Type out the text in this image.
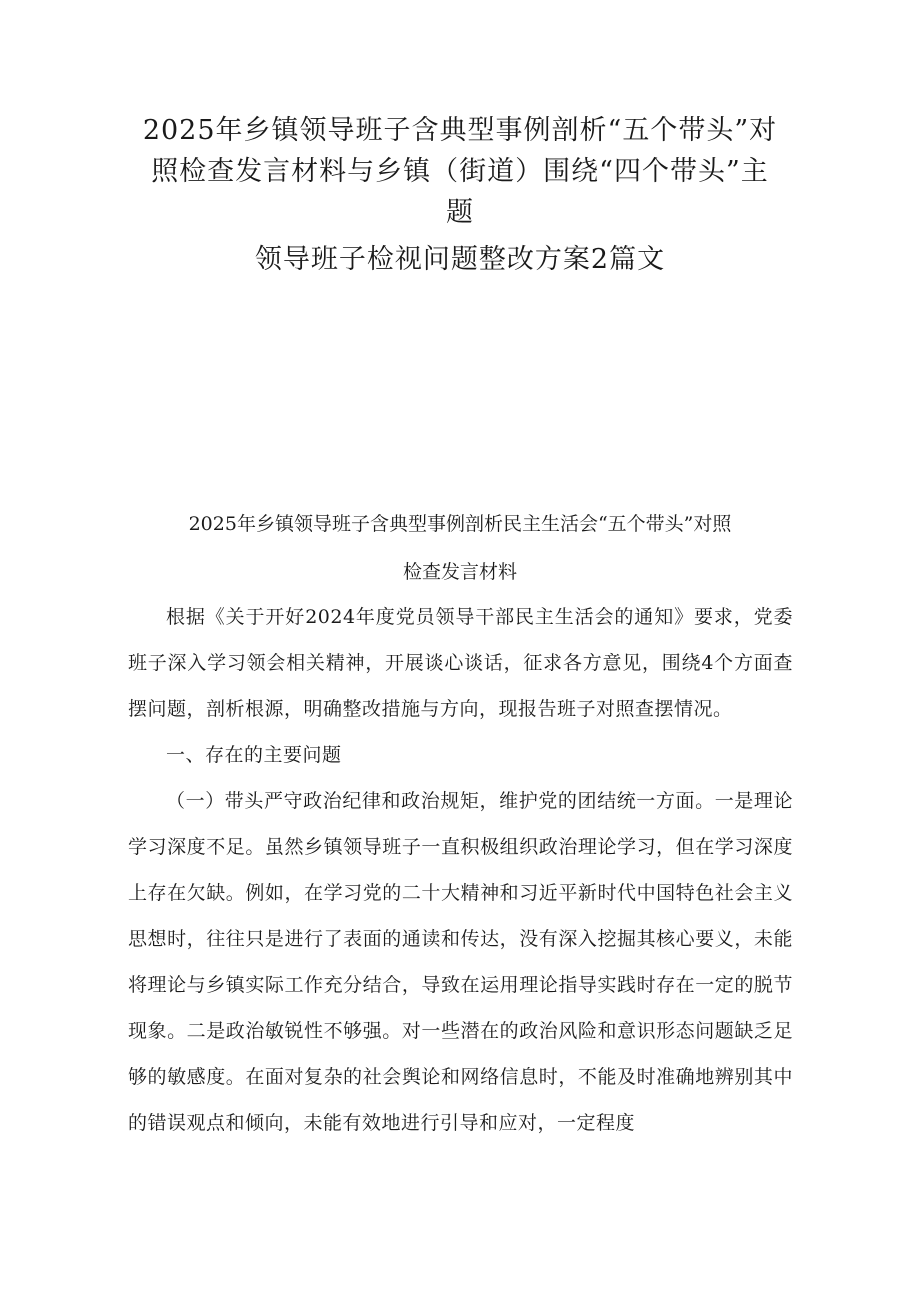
2025年乡镇领导班子含典型事例剖析“五个带头”对
照检查发言材料与乡镇（街道）围绕“四个带头”主
题
领导班子检视问题整改方案2篇文
2025年乡镇领导班子含典型事例剖析民主生活会“五个带头”对照
检查发言材料

根据《关于开好2024年度党员领导干部民主生活会的通知》要求，党委班子深入学习领会相关精神，开展谈心谈话，征求各方意见，围绕4个方面查摆问题，剖析根源，明确整改措施与方向，现报告班子对照查摆情况。

一、存在的主要问题

（一）带头严守政治纪律和政治规矩，维护党的团结统一方面。一是理论学习深度不足。虽然乡镇领导班子一直积极组织政治理论学习，但在学习深度上存在欠缺。例如，在学习党的二十大精神和习近平新时代中国特色社会主义思想时，往往只是进行了表面的通读和传达，没有深入挖掘其核心要义，未能将理论与乡镇实际工作充分结合，导致在运用理论指导实践时存在一定的脱节现象。二是政治敏锐性不够强。对一些潜在的政治风险和意识形态问题缺乏足够的敏感度。在面对复杂的社会舆论和网络信息时，不能及时准确地辨别其中的错误观点和倾向，未能有效地进行引导和应对，一定程度
